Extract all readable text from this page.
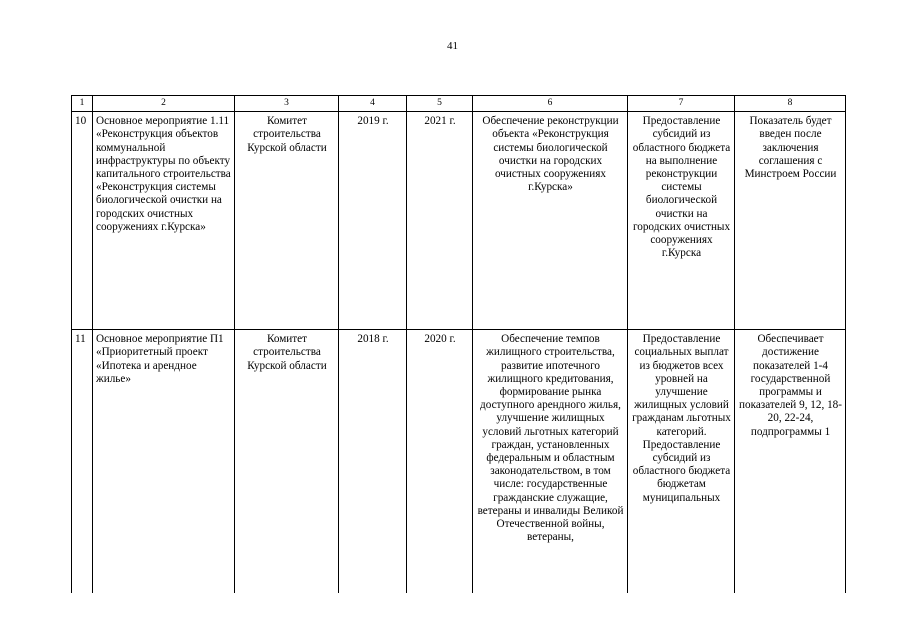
41
1	2	3	4	5	6	7	8
10	Основное мероприятие 1.11 «Реконструкция объектов коммунальной инфраструктуры по объекту капитального строительства «Реконструкция системы биологической очистки на городских очистных сооружениях г.Курска»	Комитет строительства Курской области	2019 г.	2021 г.	Обеспечение реконструкции объекта «Реконструкция системы биологической очистки на городских очистных сооружениях г.Курска»	Предоставление субсидий из областного бюджета на выполнение реконструкции системы биологической очистки на городских очистных сооружениях г.Курска	Показатель будет введен после заключения соглашения с Минстроем России
11	Основное мероприятие П1 «Приоритетный проект «Ипотека и арендное жилье»	Комитет строительства Курской области	2018 г.	2020 г.	Обеспечение темпов жилищного строительства, развитие ипотечного жилищного кредитования, формирование рынка доступного арендного жилья, улучшение жилищных условий льготных категорий граждан, установленных федеральным и областным законодательством, в том числе: государственные гражданские служащие, ветераны и инвалиды Великой Отечественной войны, ветераны,	Предоставление социальных выплат из бюджетов всех уровней на улучшение жилищных условий гражданам льготных категорий. Предоставление субсидий из областного бюджета бюджетам муниципальных	Обеспечивает достижение показателей 1-4 государственной программы и показателей 9, 12, 18-20, 22-24, подпрограммы 1
